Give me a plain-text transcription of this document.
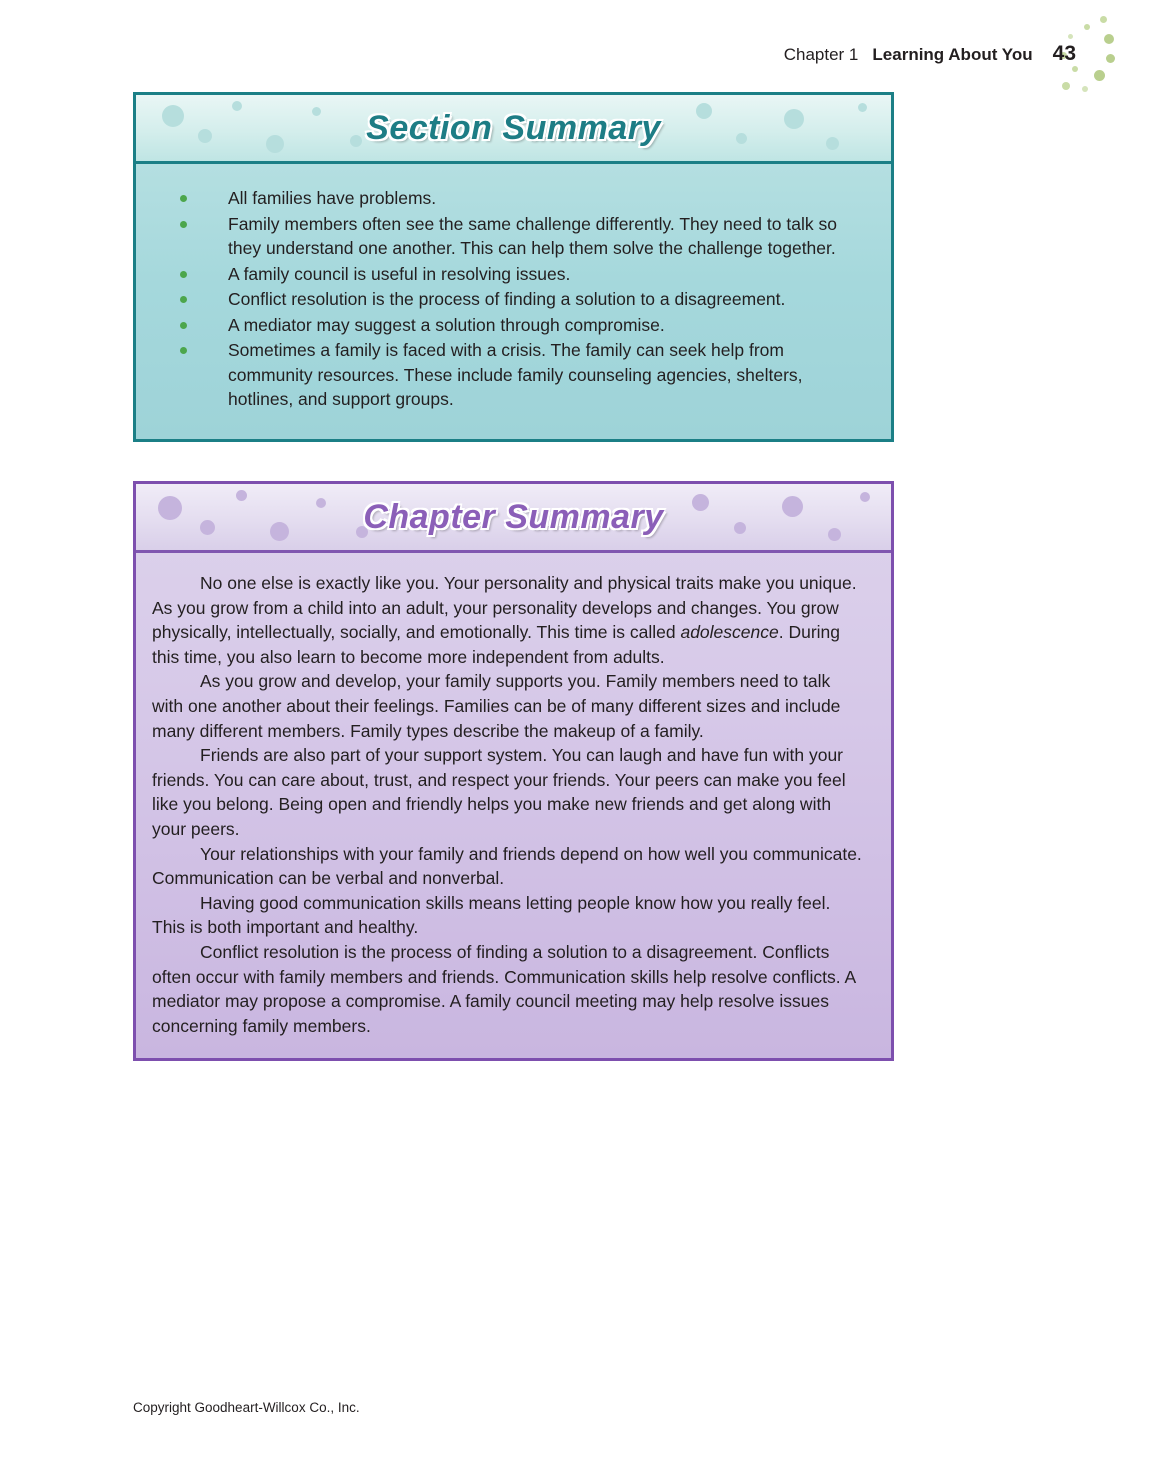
Chapter 1 Learning About You 43
Section Summary
All families have problems.
Family members often see the same challenge differently. They need to talk so they understand one another. This can help them solve the challenge together.
A family council is useful in resolving issues.
Conflict resolution is the process of finding a solution to a disagreement.
A mediator may suggest a solution through compromise.
Sometimes a family is faced with a crisis. The family can seek help from community resources. These include family counseling agencies, shelters, hotlines, and support groups.
Chapter Summary

No one else is exactly like you. Your personality and physical traits make you unique. As you grow from a child into an adult, your personality develops and changes. You grow physically, intellectually, socially, and emotionally. This time is called adolescence. During this time, you also learn to become more independent from adults.

As you grow and develop, your family supports you. Family members need to talk with one another about their feelings. Families can be of many different sizes and include many different members. Family types describe the makeup of a family.

Friends are also part of your support system. You can laugh and have fun with your friends. You can care about, trust, and respect your friends. Your peers can make you feel like you belong. Being open and friendly helps you make new friends and get along with your peers.

Your relationships with your family and friends depend on how well you communicate. Communication can be verbal and nonverbal.

Having good communication skills means letting people know how you really feel. This is both important and healthy.

Conflict resolution is the process of finding a solution to a disagreement. Conflicts often occur with family members and friends. Communication skills help resolve conflicts. A mediator may propose a compromise. A family council meeting may help resolve issues concerning family members.

Copyright Goodheart-Willcox Co., Inc.
